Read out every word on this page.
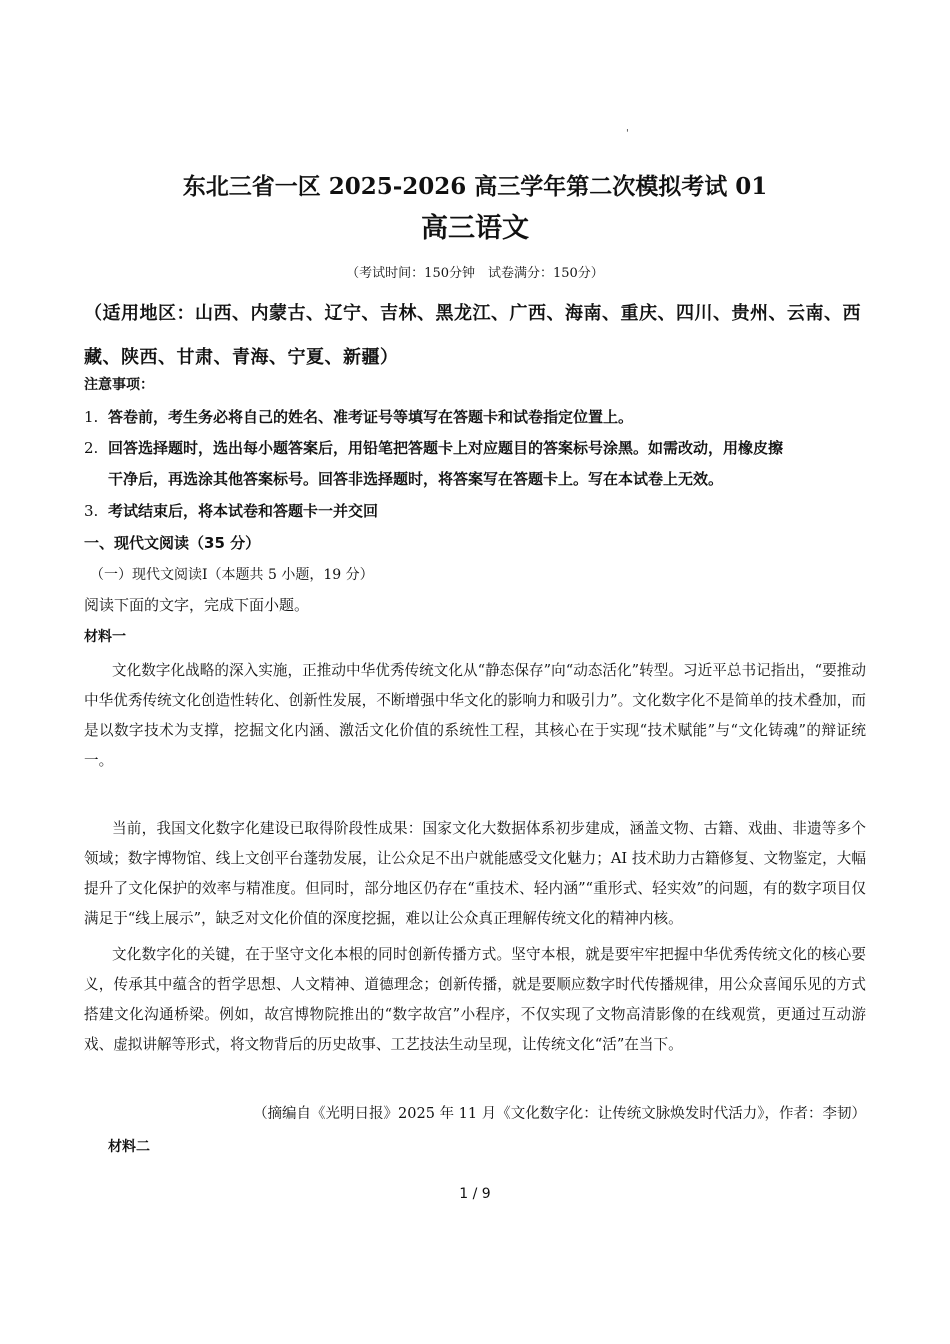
'
东北三省一区 2025-2026 高三学年第二次模拟考试 01
高三语文
（考试时间：150分钟　试卷满分：150分）
（适用地区：山西、内蒙古、辽宁、吉林、黑龙江、广西、海南、重庆、四川、贵州、云南、西藏、陕西、甘肃、青海、宁夏、新疆）
注意事项：
1. 答卷前，考生务必将自己的姓名、准考证号等填写在答题卡和试卷指定位置上。
2. 回答选择题时，选出每小题答案后，用铅笔把答题卡上对应题目的答案标号涂黑。如需改动，用橡皮擦
干净后，再选涂其他答案标号。回答非选择题时，将答案写在答题卡上。写在本试卷上无效。
3. 考试结束后，将本试卷和答题卡一并交回
一、现代文阅读（35 分）
（一）现代文阅读Ⅰ（本题共 5 小题，19 分）
阅读下面的文字，完成下面小题。
材料一
文化数字化战略的深入实施，正推动中华优秀传统文化从“静态保存”向“动态活化”转型。习近平总书记指出，“要推动中华优秀传统文化创造性转化、创新性发展，不断增强中华文化的影响力和吸引力”。文化数字化不是简单的技术叠加，而是以数字技术为支撑，挖掘文化内涵、激活文化价值的系统性工程，其核心在于实现“技术赋能”与“文化铸魂”的辩证统一。
当前，我国文化数字化建设已取得阶段性成果：国家文化大数据体系初步建成，涵盖文物、古籍、戏曲、非遗等多个领域；数字博物馆、线上文创平台蓬勃发展，让公众足不出户就能感受文化魅力；AI 技术助力古籍修复、文物鉴定，大幅提升了文化保护的效率与精准度。但同时，部分地区仍存在“重技术、轻内涵”“重形式、轻实效”的问题，有的数字项目仅满足于“线上展示”，缺乏对文化价值的深度挖掘，难以让公众真正理解传统文化的精神内核。
文化数字化的关键，在于坚守文化本根的同时创新传播方式。坚守本根，就是要牢牢把握中华优秀传统文化的核心要义，传承其中蕴含的哲学思想、人文精神、道德理念；创新传播，就是要顺应数字时代传播规律，用公众喜闻乐见的方式搭建文化沟通桥梁。例如，故宫博物院推出的“数字故宫”小程序，不仅实现了文物高清影像的在线观赏，更通过互动游戏、虚拟讲解等形式，将文物背后的历史故事、工艺技法生动呈现，让传统文化“活”在当下。
（摘编自《光明日报》2025 年 11 月《文化数字化：让传统文脉焕发时代活力》，作者：李韧）
材料二
1 / 9
